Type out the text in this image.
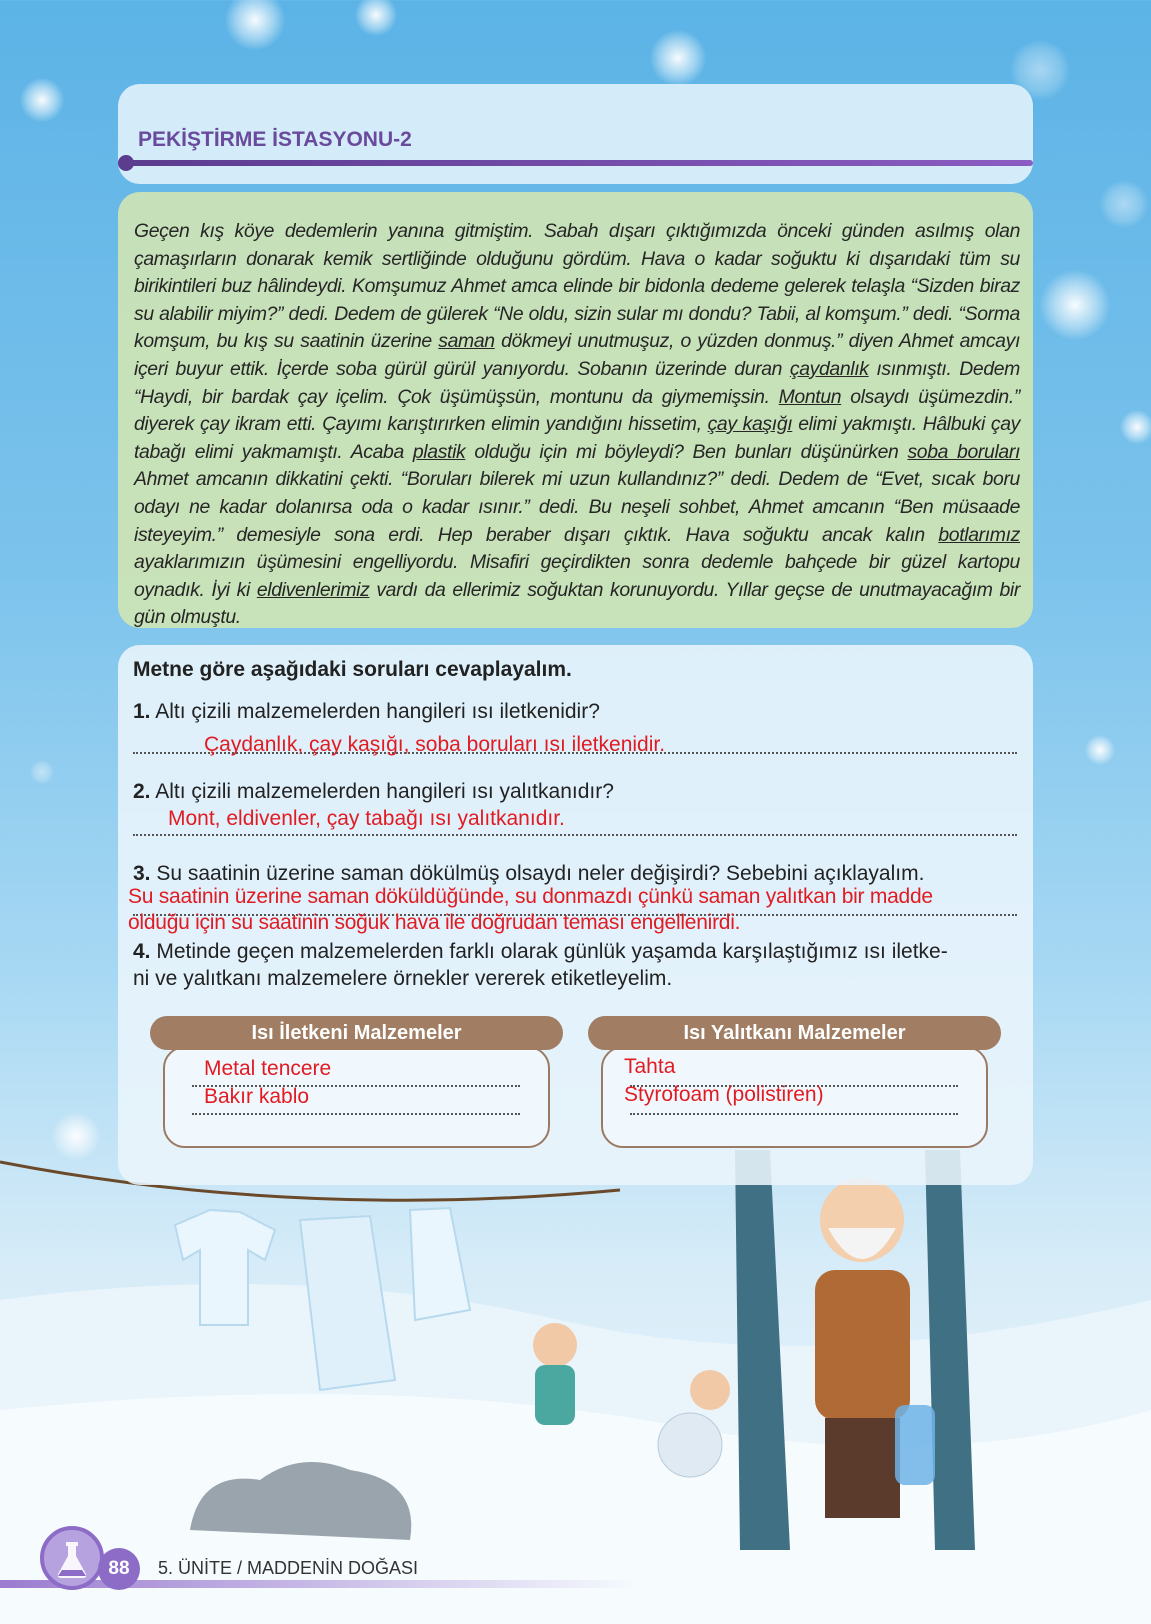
PEKİŞTİRME İSTASYONU-2
Geçen kış köye dedemlerin yanına gitmiştim. Sabah dışarı çıktığımızda önceki günden asılmış olan çamaşırların donarak kemik sertliğinde olduğunu gördüm. Hava o kadar soğuktu ki dışarıdaki tüm su birikintileri buz hâlindeydi. Komşumuz Ahmet amca elinde bir bidonla dedeme gelerek telaşla “Sizden biraz su alabilir miyim?” dedi. Dedem de gülerek “Ne oldu, sizin sular mı dondu? Tabii, al komşum.” dedi. “Sorma komşum, bu kış su saatinin üzerine saman dökmeyi unutmuşuz, o yüzden donmuş.” diyen Ahmet amcayı içeri buyur ettik. İçerde soba gürül gürül yanıyordu. Sobanın üzerinde duran çaydanlık ısınmıştı. Dedem “Haydi, bir bardak çay içelim. Çok üşümüşsün, montunu da giymemişsin. Montun olsaydı üşümezdin.” diyerek çay ikram etti. Çayımı karıştırırken elimin yandığını hissetim, çay kaşığı elimi yakmıştı. Hâlbuki çay tabağı elimi yakmamıştı. Acaba plastik olduğu için mi böyleydi? Ben bunları düşünürken soba boruları Ahmet amcanın dikkatini çekti. “Boruları bilerek mi uzun kullandınız?” dedi. Dedem de “Evet, sıcak boru odayı ne kadar dolanırsa oda o kadar ısınır.” dedi. Bu neşeli sohbet, Ahmet amcanın “Ben müsaade isteyeyim.” demesiyle sona erdi. Hep beraber dışarı çıktık. Hava soğuktu ancak kalın botlarımız ayaklarımızın üşümesini engelliyordu. Misafiri geçirdikten sonra dedemle bahçede bir güzel kartopu oynadık. İyi ki eldivenlerimiz vardı da ellerimiz soğuktan korunuyordu. Yıllar geçse de unutmayacağım bir gün olmuştu.
Metne göre aşağıdaki soruları cevaplayalım.
1. Altı çizili malzemelerden hangileri ısı iletkenidir?
Çaydanlık, çay kaşığı, soba boruları ısı iletkenidir.
2. Altı çizili malzemelerden hangileri ısı yalıtkanıdır?
Mont, eldivenler, çay tabağı ısı yalıtkanıdır.
3. Su saatinin üzerine saman dökülmüş olsaydı neler değişirdi? Sebebini açıklayalım.
Su saatinin üzerine saman döküldüğünde, su donmazdı çünkü saman yalıtkan bir madde
olduğu için su saatinin soğuk hava ile doğrudan teması engellenirdi.
4. Metinde geçen malzemelerden farklı olarak günlük yaşamda karşılaştığımız ısı iletke-
ni ve yalıtkanı malzemelere örnekler vererek etiketleyelim.
Isı İletkeni Malzemeler
Metal tencere
Bakır kablo
Isı Yalıtkanı Malzemeler
Tahta
Styrofoam (polistiren)
88	5. ÜNİTE / MADDENİN DOĞASI
